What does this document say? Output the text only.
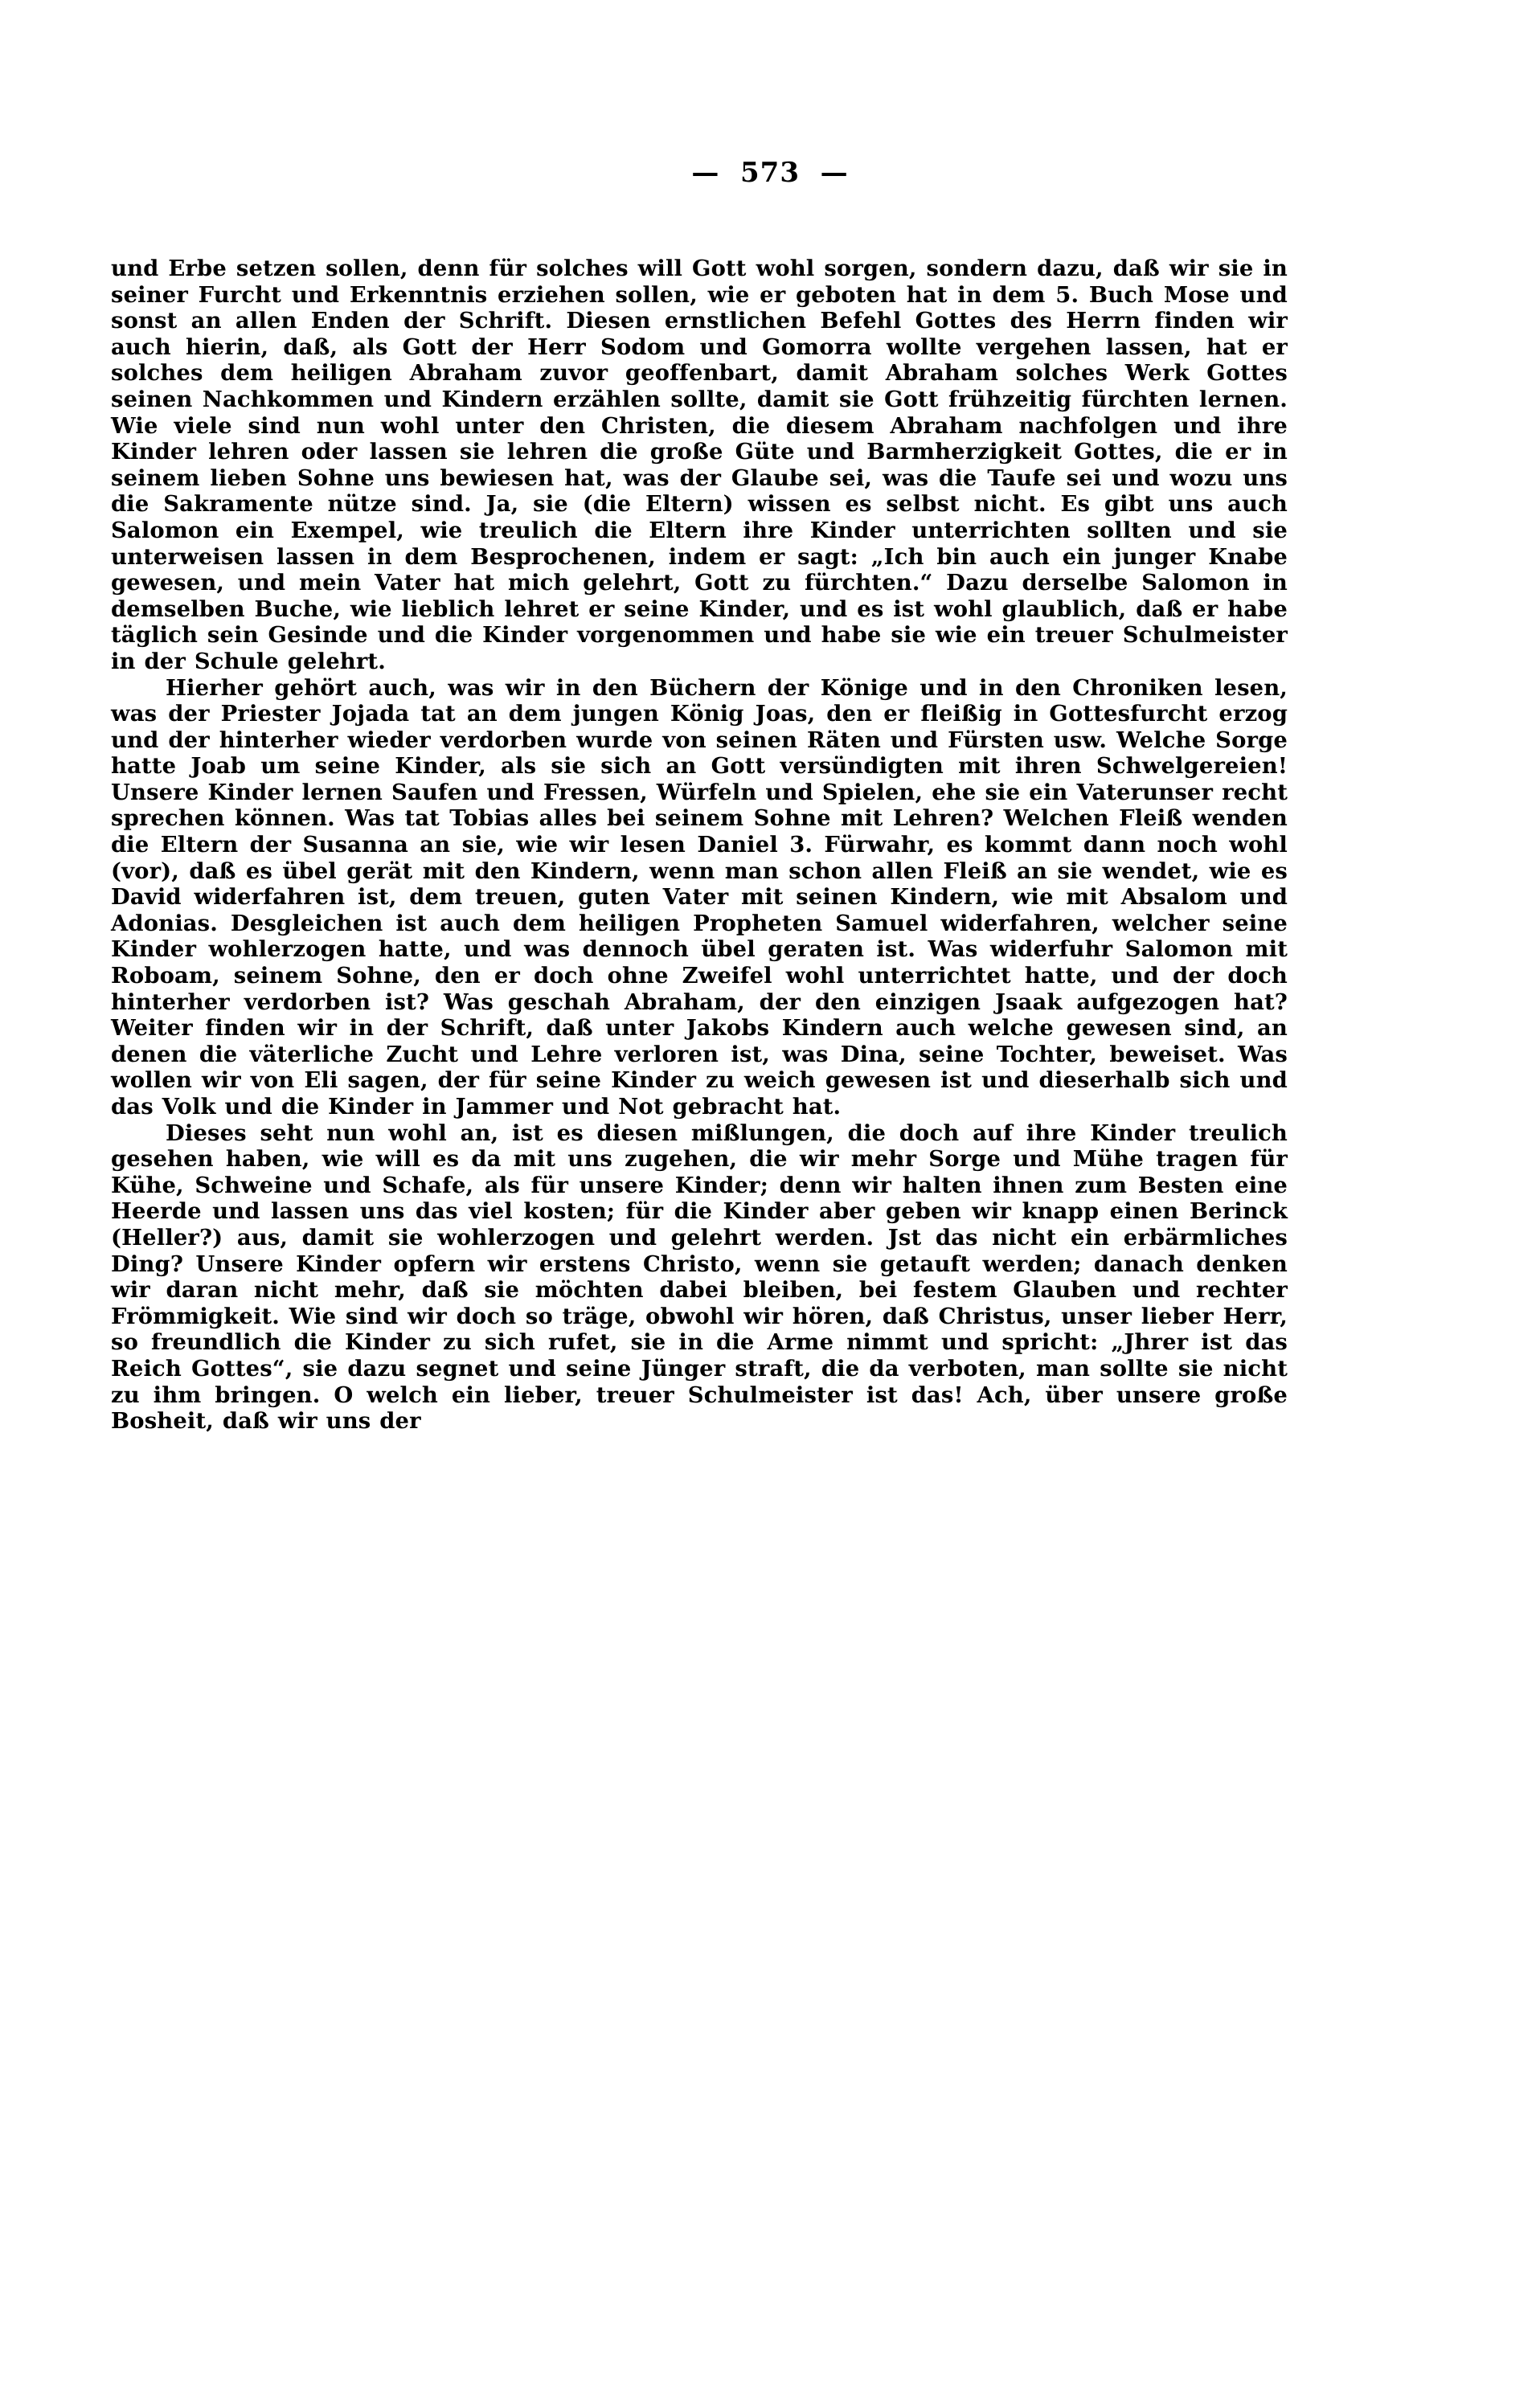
—  573  —

und Erbe setzen sollen, denn für solches will Gott wohl sorgen, sondern dazu, daß wir sie in seiner Furcht und Erkenntnis erziehen sollen, wie er geboten hat in dem 5. Buch Mose und sonst an allen Enden der Schrift. Diesen ernstlichen Befehl Gottes des Herrn finden wir auch hierin, daß, als Gott der Herr Sodom und Gomorra wollte vergehen lassen, hat er solches dem heiligen Abraham zuvor geoffenbart, damit Abraham solches Werk Gottes seinen Nachkommen und Kindern erzählen sollte, damit sie Gott frühzeitig fürchten lernen. Wie viele sind nun wohl unter den Christen, die diesem Abraham nachfolgen und ihre Kinder lehren oder lassen sie lehren die große Güte und Barmherzigkeit Gottes, die er in seinem lieben Sohne uns bewiesen hat, was der Glaube sei, was die Taufe sei und wozu uns die Sakramente nütze sind. Ja, sie (die Eltern) wissen es selbst nicht. Es gibt uns auch Salomon ein Exempel, wie treulich die Eltern ihre Kinder unterrichten sollten und sie unterweisen lassen in dem Besprochenen, indem er sagt: „Ich bin auch ein junger Knabe gewesen, und mein Vater hat mich gelehrt, Gott zu fürchten.“ Dazu derselbe Salomon in demselben Buche, wie lieblich lehret er seine Kinder, und es ist wohl glaublich, daß er habe täglich sein Gesinde und die Kinder vorgenommen und habe sie wie ein treuer Schulmeister in der Schule gelehrt.

Hierher gehört auch, was wir in den Büchern der Könige und in den Chroniken lesen, was der Priester Jojada tat an dem jungen König Joas, den er fleißig in Gottesfurcht erzog und der hinterher wieder verdorben wurde von seinen Räten und Fürsten usw. Welche Sorge hatte Joab um seine Kinder, als sie sich an Gott versündigten mit ihren Schwelgereien! Unsere Kinder lernen Saufen und Fressen, Würfeln und Spielen, ehe sie ein Vaterunser recht sprechen können. Was tat Tobias alles bei seinem Sohne mit Lehren? Welchen Fleiß wenden die Eltern der Susanna an sie, wie wir lesen Daniel 3. Fürwahr, es kommt dann noch wohl (vor), daß es übel gerät mit den Kindern, wenn man schon allen Fleiß an sie wendet, wie es David widerfahren ist, dem treuen, guten Vater mit seinen Kindern, wie mit Absalom und Adonias. Desgleichen ist auch dem heiligen Propheten Samuel widerfahren, welcher seine Kinder wohlerzogen hatte, und was dennoch übel geraten ist. Was widerfuhr Salomon mit Roboam, seinem Sohne, den er doch ohne Zweifel wohl unterrichtet hatte, und der doch hinterher verdorben ist? Was geschah Abraham, der den einzigen Jsaak aufgezogen hat? Weiter finden wir in der Schrift, daß unter Jakobs Kindern auch welche gewesen sind, an denen die väterliche Zucht und Lehre verloren ist, was Dina, seine Tochter, beweiset. Was wollen wir von Eli sagen, der für seine Kinder zu weich gewesen ist und dieserhalb sich und das Volk und die Kinder in Jammer und Not gebracht hat.

Dieses seht nun wohl an, ist es diesen mißlungen, die doch auf ihre Kinder treulich gesehen haben, wie will es da mit uns zugehen, die wir mehr Sorge und Mühe tragen für Kühe, Schweine und Schafe, als für unsere Kinder; denn wir halten ihnen zum Besten eine Heerde und lassen uns das viel kosten; für die Kinder aber geben wir knapp einen Berinck (Heller?) aus, damit sie wohlerzogen und gelehrt werden. Jst das nicht ein erbärmliches Ding? Unsere Kinder opfern wir erstens Christo, wenn sie getauft werden; danach denken wir daran nicht mehr, daß sie möchten dabei bleiben, bei festem Glauben und rechter Frömmigkeit. Wie sind wir doch so träge, obwohl wir hören, daß Christus, unser lieber Herr, so freundlich die Kinder zu sich rufet, sie in die Arme nimmt und spricht: „Jhrer ist das Reich Gottes“, sie dazu segnet und seine Jünger straft, die da verboten, man sollte sie nicht zu ihm bringen. O welch ein lieber, treuer Schulmeister ist das! Ach, über unsere große Bosheit, daß wir uns der
